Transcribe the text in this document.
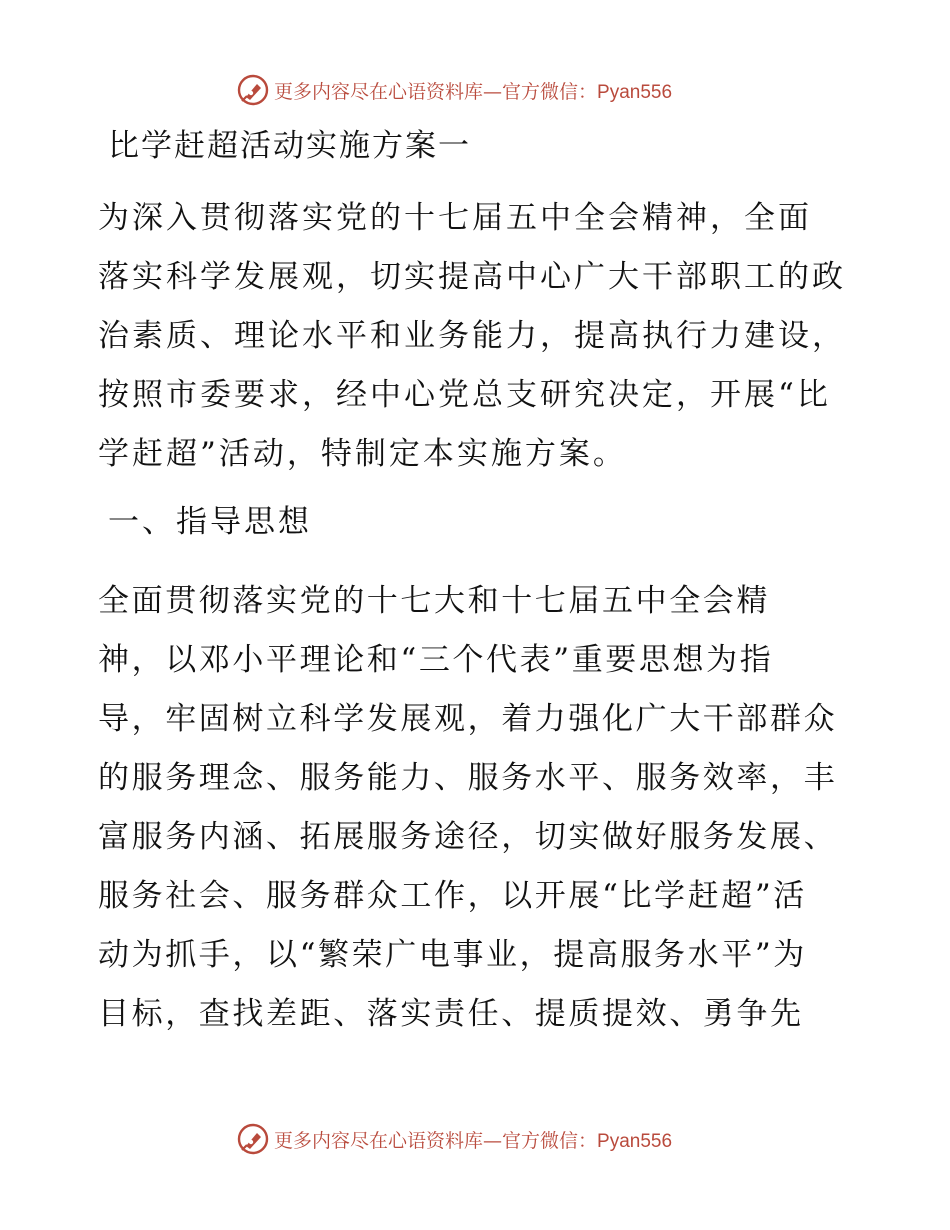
更多内容尽在心语资料库—官方微信：Pyan556
比学赶超活动实施方案一
为深入贯彻落实党的十七届五中全会精神，全面
落实科学发展观，切实提高中心广大干部职工的政
治素质、理论水平和业务能力，提高执行力建设，
按照市委要求，经中心党总支研究决定，开展“比
学赶超”活动，特制定本实施方案。
一、指导思想
全面贯彻落实党的十七大和十七届五中全会精
神，以邓小平理论和“三个代表”重要思想为指
导，牢固树立科学发展观，着力强化广大干部群众
的服务理念、服务能力、服务水平、服务效率，丰
富服务内涵、拓展服务途径，切实做好服务发展、
服务社会、服务群众工作，以开展“比学赶超”活
动为抓手，以“繁荣广电事业，提高服务水平”为
目标，查找差距、落实责任、提质提效、勇争先
更多内容尽在心语资料库—官方微信：Pyan556
